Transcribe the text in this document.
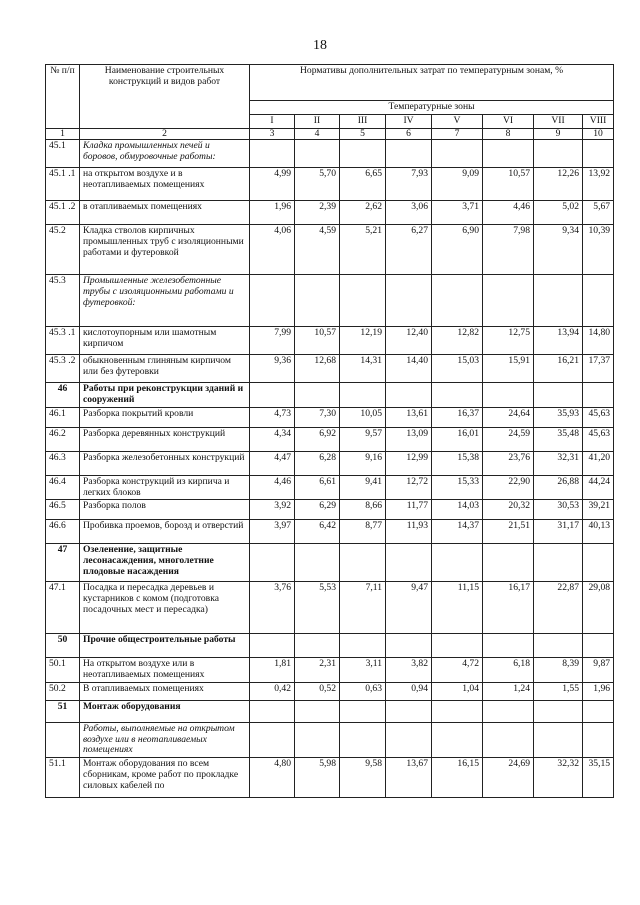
18
№ п/п	Наименование строительных конструкций и видов работ	Нормативы дополнительных затрат по температурным зонам, %							
		Температурные зоны							
		I	II	III	IV	V	VI	VII	VIII
1	2	3	4	5	6	7	8	9	10
45.1	Кладка промышленных печей и боровов, обмуровочные работы:								
45.1 .1	на открытом воздухе и в неотапливаемых помещениях	4,99	5,70	6,65	7,93	9,09	10,57	12,26	13,92
45.1 .2	в отапливаемых помещениях	1,96	2,39	2,62	3,06	3,71	4,46	5,02	5,67
45.2	Кладка стволов кирпичных промышленных труб с изоляционными работами и футеровкой	4,06	4,59	5,21	6,27	6,90	7,98	9,34	10,39
45.3	Промышленные железобетонные трубы с изоляционными работами и футеровкой:								
45.3 .1	кислотоупорным или шамотным кирпичом	7,99	10,57	12,19	12,40	12,82	12,75	13,94	14,80
45.3 .2	обыкновенным глиняным кирпичом или без футеровки	9,36	12,68	14,31	14,40	15,03	15,91	16,21	17,37
46	Работы при реконструкции зданий и сооружений								
46.1	Разборка покрытий кровли	4,73	7,30	10,05	13,61	16,37	24,64	35,93	45,63
46.2	Разборка деревянных конструкций	4,34	6,92	9,57	13,09	16,01	24,59	35,48	45,63
46.3	Разборка железобетонных конструкций	4,47	6,28	9,16	12,99	15,38	23,76	32,31	41,20
46.4	Разборка конструкций из кирпича и легких блоков	4,46	6,61	9,41	12,72	15,33	22,90	26,88	44,24
46.5	Разборка полов	3,92	6,29	8,66	11,77	14,03	20,32	30,53	39,21
46.6	Пробивка проемов, борозд и отверстий	3,97	6,42	8,77	11,93	14,37	21,51	31,17	40,13
47	Озеленение, защитные лесонасаждения, многолетние плодовые насаждения								
47.1	Посадка и пересадка деревьев и кустарников с комом (подготовка посадочных мест и пересадка)	3,76	5,53	7,11	9,47	11,15	16,17	22,87	29,08
50	Прочие общестроительные работы								
50.1	На открытом воздухе или в неотапливаемых помещениях	1,81	2,31	3,11	3,82	4,72	6,18	8,39	9,87
50.2	В отапливаемых помещениях	0,42	0,52	0,63	0,94	1,04	1,24	1,55	1,96
51	Монтаж оборудования								
	Работы, выполняемые на открытом воздухе или в неотапливаемых помещениях								
51.1	Монтаж оборудования по всем сборникам, кроме работ по прокладке силовых кабелей по	4,80	5,98	9,58	13,67	16,15	24,69	32,32	35,15
